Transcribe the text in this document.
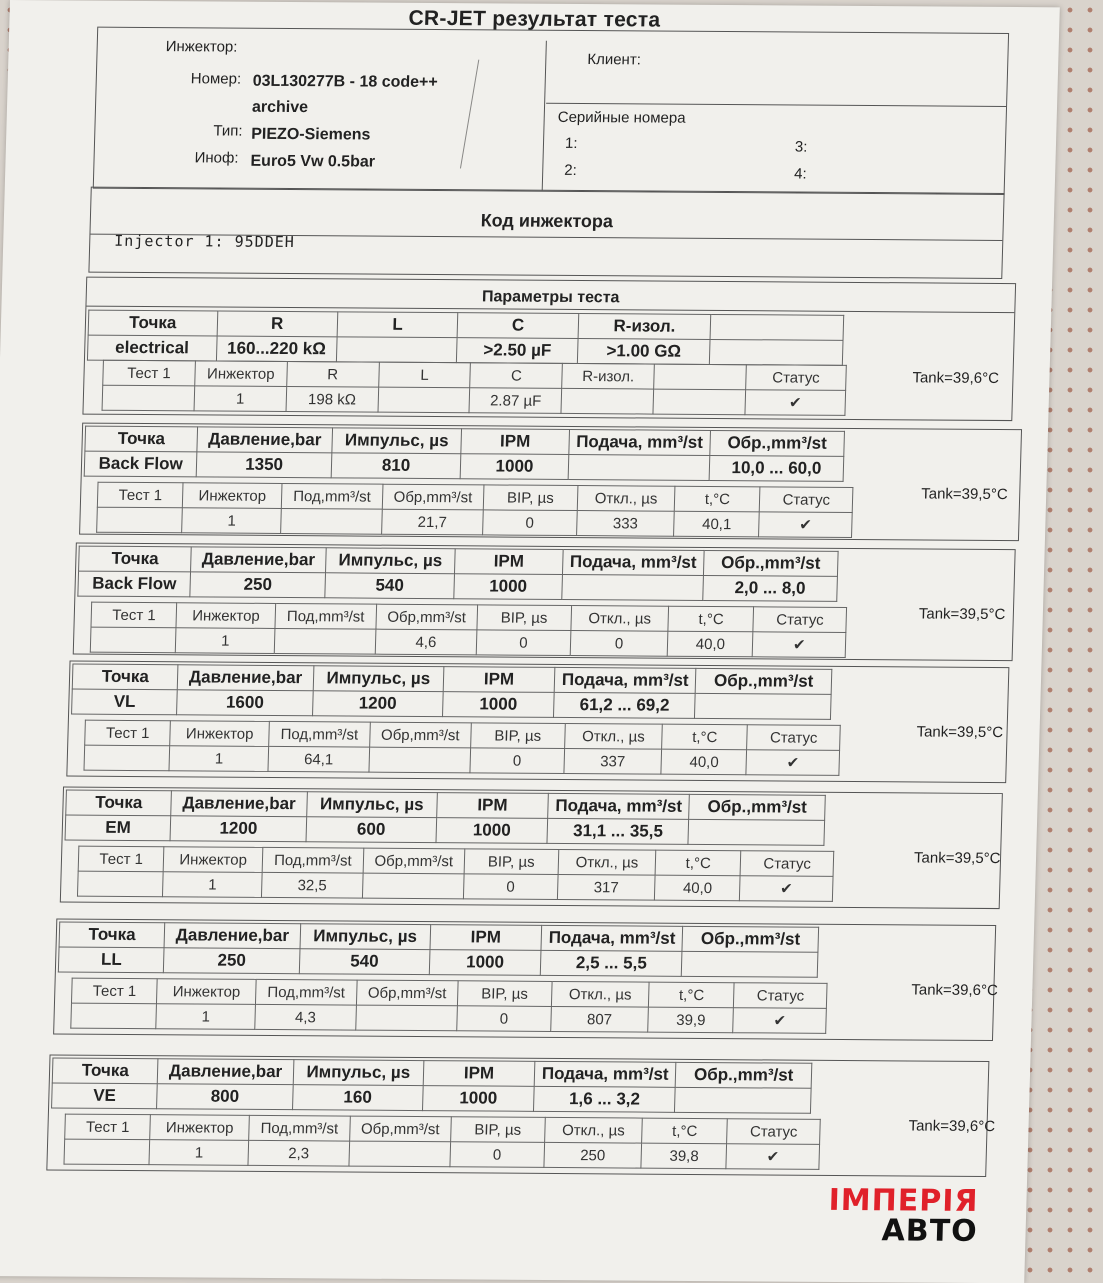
CR-JET результат теста
Инжектор:
Номер: 03L130277B - 18 code++
archive
Тип: PIEZO-Siemens
Иноф: Euro5 Vw 0.5bar
Клиент:
Серийные номера
1:
2:
3:
4:
Код инжектора
Injector 1: 95DDEH
Параметры теста
Точка	R	L	C	R-изол.	
electrical	160...220 kΩ		>2.50 µF	>1.00 GΩ	
Тест 1	Инжектор	R	L	C	R-изол.		Статус
	1	198 kΩ		2.87 µF			✔
Tank=39,6°C
Точка	Давление,bar	Импульс, µs	IPM	Подача, mm³/st	Обр.,mm³/st
Back Flow	1350	810	1000		10,0 ... 60,0
Тест 1	Инжектор	Под,mm³/st	Обр,mm³/st	BIP, µs	Откл., µs	t,°C	Статус
	1		21,7	0	333	40,1	✔
Tank=39,5°C
Точка	Давление,bar	Импульс, µs	IPM	Подача, mm³/st	Обр.,mm³/st
Back Flow	250	540	1000		2,0 ... 8,0
Тест 1	Инжектор	Под,mm³/st	Обр,mm³/st	BIP, µs	Откл., µs	t,°C	Статус
	1		4,6	0	0	40,0	✔
Tank=39,5°C
Точка	Давление,bar	Импульс, µs	IPM	Подача, mm³/st	Обр.,mm³/st
VL	1600	1200	1000	61,2 ... 69,2	
Тест 1	Инжектор	Под,mm³/st	Обр,mm³/st	BIP, µs	Откл., µs	t,°C	Статус
	1	64,1		0	337	40,0	✔
Tank=39,5°C
Точка	Давление,bar	Импульс, µs	IPM	Подача, mm³/st	Обр.,mm³/st
EM	1200	600	1000	31,1 ... 35,5	
Тест 1	Инжектор	Под,mm³/st	Обр,mm³/st	BIP, µs	Откл., µs	t,°C	Статус
	1	32,5		0	317	40,0	✔
Tank=39,5°C
Точка	Давление,bar	Импульс, µs	IPM	Подача, mm³/st	Обр.,mm³/st
LL	250	540	1000	2,5 ... 5,5	
Тест 1	Инжектор	Под,mm³/st	Обр,mm³/st	BIP, µs	Откл., µs	t,°C	Статус
	1	4,3		0	807	39,9	✔
Tank=39,6°C
Точка	Давление,bar	Импульс, µs	IPM	Подача, mm³/st	Обр.,mm³/st
VE	800	160	1000	1,6 ... 3,2	
Тест 1	Инжектор	Под,mm³/st	Обр,mm³/st	BIP, µs	Откл., µs	t,°C	Статус
	1	2,3		0	250	39,8	✔
Tank=39,6°C
ІМПЕРІЯ
АВТО
